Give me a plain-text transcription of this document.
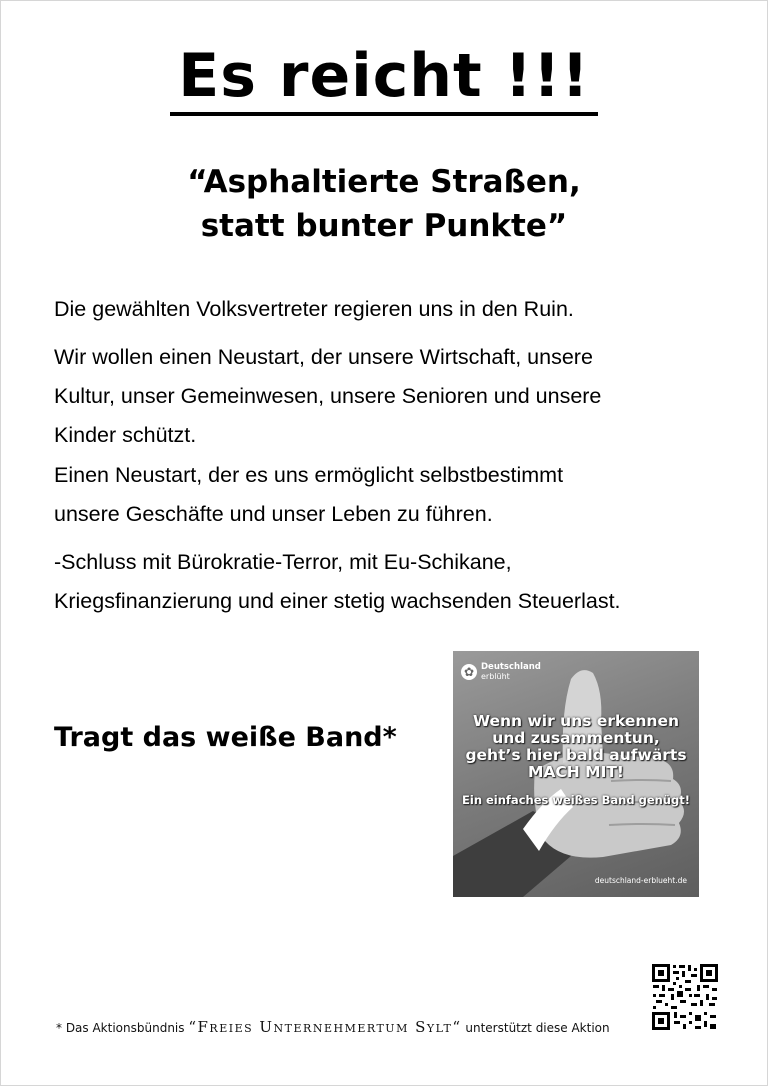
Es reicht !!!
“Asphaltierte Straßen,
statt bunter Punkte”
Die gewählten Volksvertreter regieren uns in den Ruin.
Wir wollen einen Neustart, der unsere Wirtschaft, unsere
Kultur, unser Gemeinwesen, unsere Senioren und unsere
Kinder schützt.
Einen Neustart, der es uns ermöglicht selbstbestimmt
unsere Geschäfte und unser Leben zu führen.
-Schluss mit Bürokratie-Terror, mit Eu-Schikane,
Kriegsfinanzierung und einer stetig wachsenden Steuerlast.
Tragt das weiße Band*
✿ Deutschland
erblüht
Wenn wir uns erkennen
und zusammentun,
geht’s hier bald aufwärts
MACH MIT!
Ein einfaches weißes Band genügt!
deutschland-erblueht.de
* Das Aktionsbündnis “Freies Unternehmertum Sylt“ unterstützt diese Aktion
